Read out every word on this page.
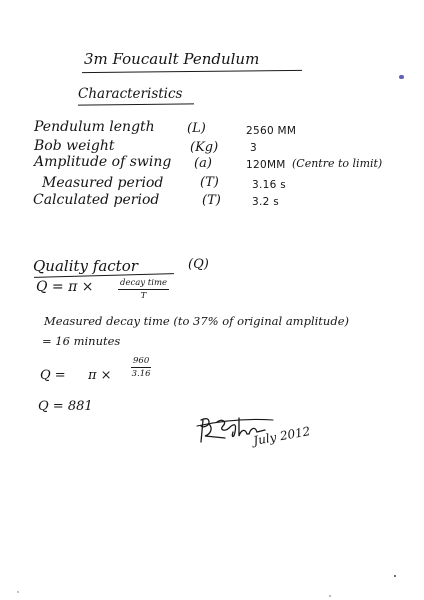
3m Foucault Pendulum
Characteristics
Pendulum length (L)	2560 MM
Bob weight	(Kg)	3
Amplitude of swing (a)	120MM (Centre to limit)
Measured period	(T)	3.16 s
Calculated period	(T)	3.2 s
Quality factor	(Q)
Q = π ×	decay time
T
Measured decay time (to 37% of original amplitude)
= 16 minutes
$Q = \pi \times \frac{960}{3.16}$
Q = 881
July 2012
